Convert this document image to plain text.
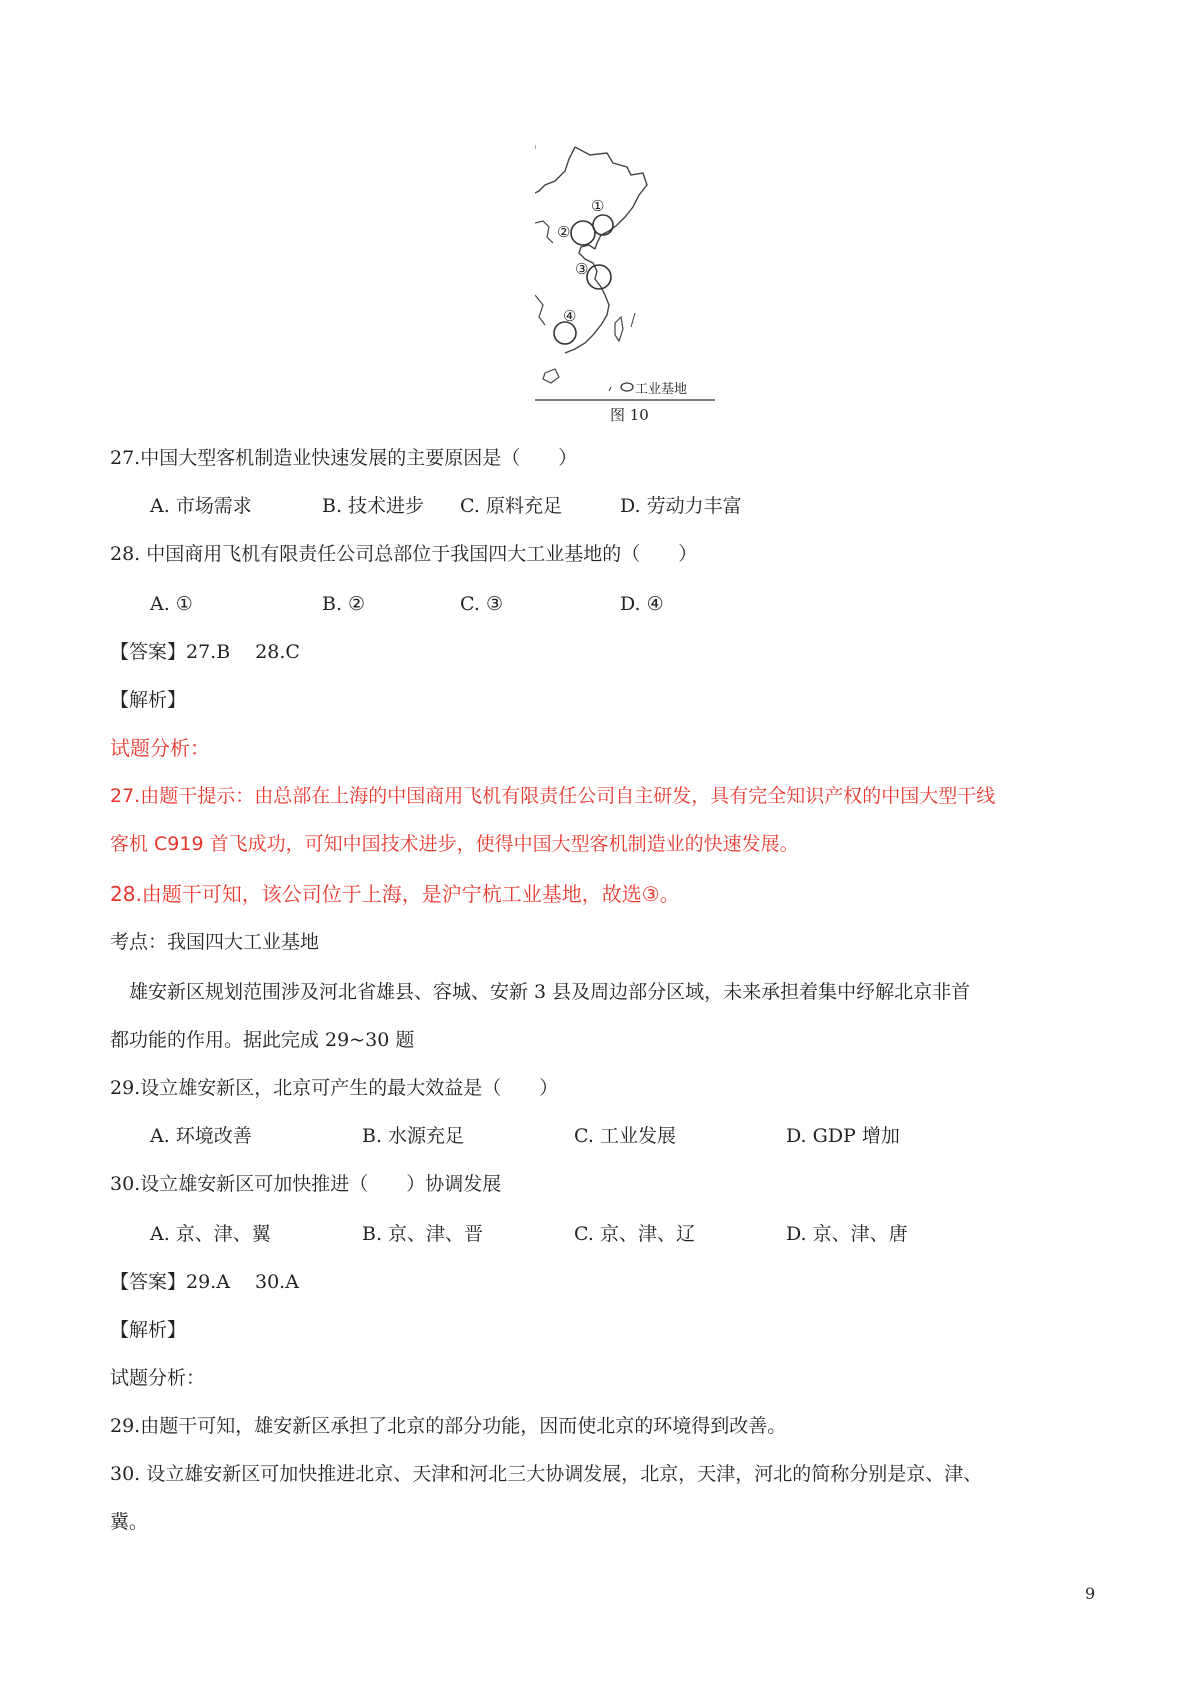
①
②
③
④
工业基地
图 10
27.中国大型客机制造业快速发展的主要原因是（　　）
A. 市场需求	B. 技术进步 C. 原料充足	D. 劳动力丰富
28. 中国商用飞机有限责任公司总部位于我国四大工业基地的（　　）
A. ①	B. ②	C. ③	D. ④
【答案】27.B　 28.C
【解析】
试题分析：
27.由题干提示：由总部在上海的中国商用飞机有限责任公司自主研发，具有完全知识产权的中国大型干线
客机 C919 首飞成功，可知中国技术进步，使得中国大型客机制造业的快速发展。
28.由题干可知，该公司位于上海，是沪宁杭工业基地，故选③。
考点：我国四大工业基地
　雄安新区规划范围涉及河北省雄县、容城、安新 3 县及周边部分区域，未来承担着集中纾解北京非首
都功能的作用。据此完成 29~30 题
29.设立雄安新区，北京可产生的最大效益是（　　）
A. 环境改善	B. 水源充足	C. 工业发展	D. GDP 增加
30.设立雄安新区可加快推进（　　）协调发展
A. 京、津、翼	B. 京、津、晋	C. 京、津、辽	D. 京、津、唐
【答案】29.A　 30.A
【解析】
试题分析：
29.由题干可知，雄安新区承担了北京的部分功能，因而使北京的环境得到改善。
30. 设立雄安新区可加快推进北京、天津和河北三大协调发展，北京，天津，河北的简称分别是京、津、
冀。
9
